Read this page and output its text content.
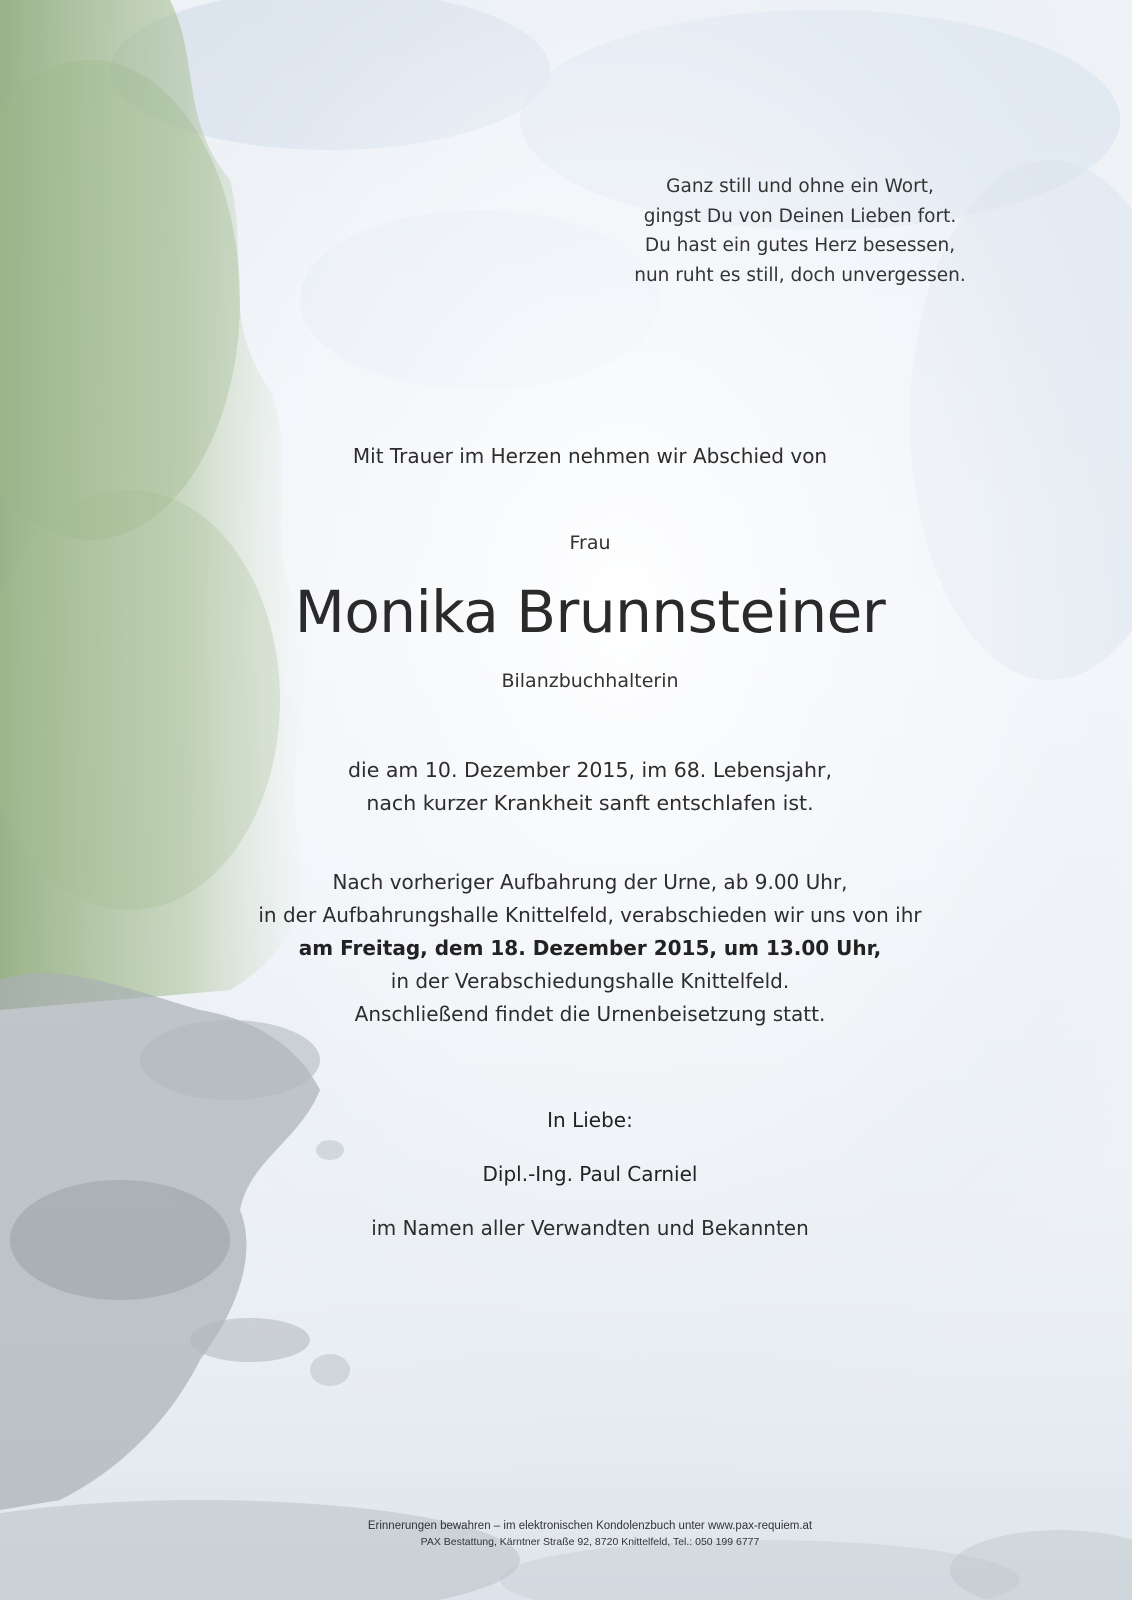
Ganz still und ohne ein Wort,
gingst Du von Deinen Lieben fort.
Du hast ein gutes Herz besessen,
nun ruht es still, doch unvergessen.
Mit Trauer im Herzen nehmen wir Abschied von
Frau
Monika Brunnsteiner
Bilanzbuchhalterin
die am 10. Dezember 2015, im 68. Lebensjahr,
nach kurzer Krankheit sanft entschlafen ist.
Nach vorheriger Aufbahrung der Urne, ab 9.00 Uhr,
in der Aufbahrungshalle Knittelfeld, verabschieden wir uns von ihr
am Freitag, dem 18. Dezember 2015, um 13.00 Uhr,
in der Verabschiedungshalle Knittelfeld.
Anschließend findet die Urnenbeisetzung statt.
In Liebe:
Dipl.-Ing. Paul Carniel
im Namen aller Verwandten und Bekannten
Erinnerungen bewahren – im elektronischen Kondolenzbuch unter www.pax-requiem.at
PAX Bestattung, Kärntner Straße 92, 8720 Knittelfeld, Tel.: 050 199 6777
